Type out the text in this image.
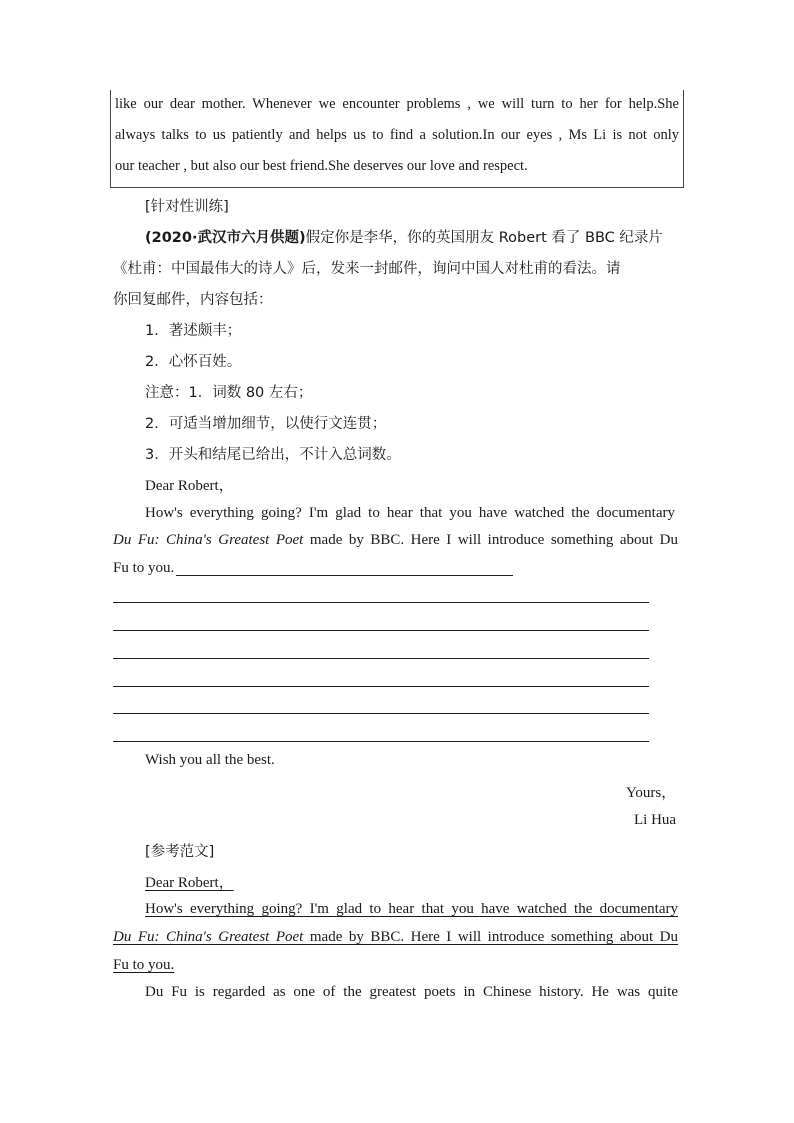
like our dear mother. Whenever we encounter problems , we will turn to her for help.She
always talks to us patiently and helps us to find a solution.In our eyes , Ms Li is not only
our teacher , but also our best friend.She deserves our love and respect.
[针对性训练]
(2020·武汉市六月供题)假定你是李华，你的英国朋友 Robert 看了 BBC 纪录片
《杜甫：中国最伟大的诗人》后，发来一封邮件，询问中国人对杜甫的看法。请
你回复邮件，内容包括：
1．著述颇丰；
2．心怀百姓。
注意：1．词数 80 左右；
2．可适当增加细节，以使行文连贯；
3．开头和结尾已给出，不计入总词数。
Dear Robert，
How's everything going? I'm glad to hear that you have watched the documentary
Du Fu: China's Greatest Poet made by BBC. Here I will introduce something about Du
Fu to you.
Wish you all the best.
Yours，
Li Hua
[参考范文]
Dear Robert，
How's everything going? I'm glad to hear that you have watched the documentary
Du Fu: China's Greatest Poet made by BBC. Here I will introduce something about Du
Fu to you.
Du Fu is regarded as one of the greatest poets in Chinese history. He was quite
